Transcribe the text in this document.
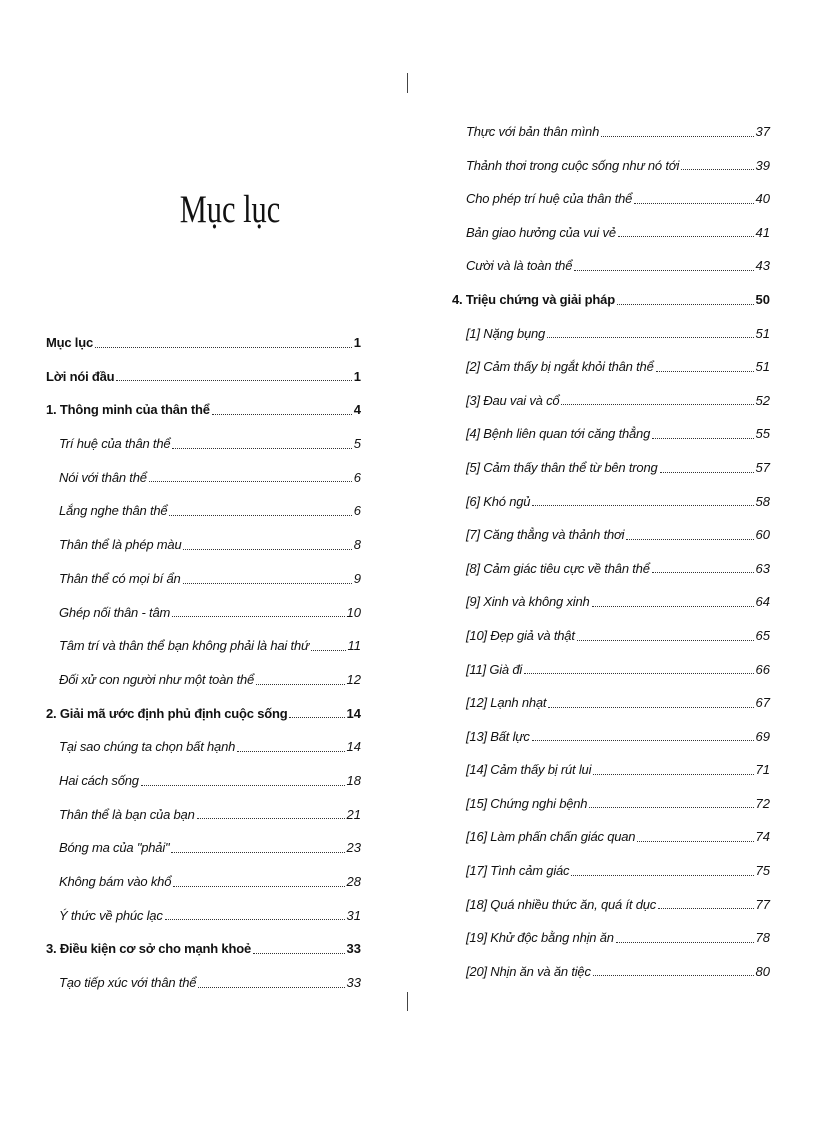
Mục lục
Mục lục	1
Lời nói đầu	1
1. Thông minh của thân thể	4
Trí huệ của thân thể	5
Nói với thân thể	6
Lắng nghe thân thể	6
Thân thể là phép màu	8
Thân thể có mọi bí ẩn	9
Ghép nối thân - tâm	10
Tâm trí và thân thể bạn không phải là hai thứ	11
Đối xử con người như một toàn thể	12
2. Giải mã ước định phủ định cuộc sống	14
Tại sao chúng ta chọn bất hạnh	14
Hai cách sống	18
Thân thể là bạn của bạn	21
Bóng ma của "phải"	23
Không bám vào khổ	28
Ý thức về phúc lạc	31
3. Điều kiện cơ sở cho mạnh khoẻ	33
Tạo tiếp xúc với thân thể	33
Thực với bản thân mình	37
Thảnh thơi trong cuộc sống như nó tới	39
Cho phép trí huệ của thân thể	40
Bản giao hưởng của vui vẻ	41
Cười và là toàn thể	43
4. Triệu chứng và giải pháp	50
[1] Nặng bụng	51
[2] Cảm thấy bị ngắt khỏi thân thể	51
[3] Đau vai và cổ	52
[4] Bệnh liên quan tới căng thẳng	55
[5] Cảm thấy thân thể từ bên trong	57
[6] Khó ngủ	58
[7] Căng thẳng và thảnh thơi	60
[8] Cảm giác tiêu cực về thân thể	63
[9] Xinh và không xinh	64
[10] Đẹp giả và thật	65
[11] Già đi	66
[12] Lạnh nhạt	67
[13] Bất lực	69
[14] Cảm thấy bị rút lui	71
[15] Chứng nghi bệnh	72
[16] Làm phấn chấn giác quan	74
[17] Tình cảm giác	75
[18] Quá nhiều thức ăn, quá ít dục	77
[19] Khử độc bằng nhịn ăn	78
[20] Nhịn ăn và ăn tiệc	80
